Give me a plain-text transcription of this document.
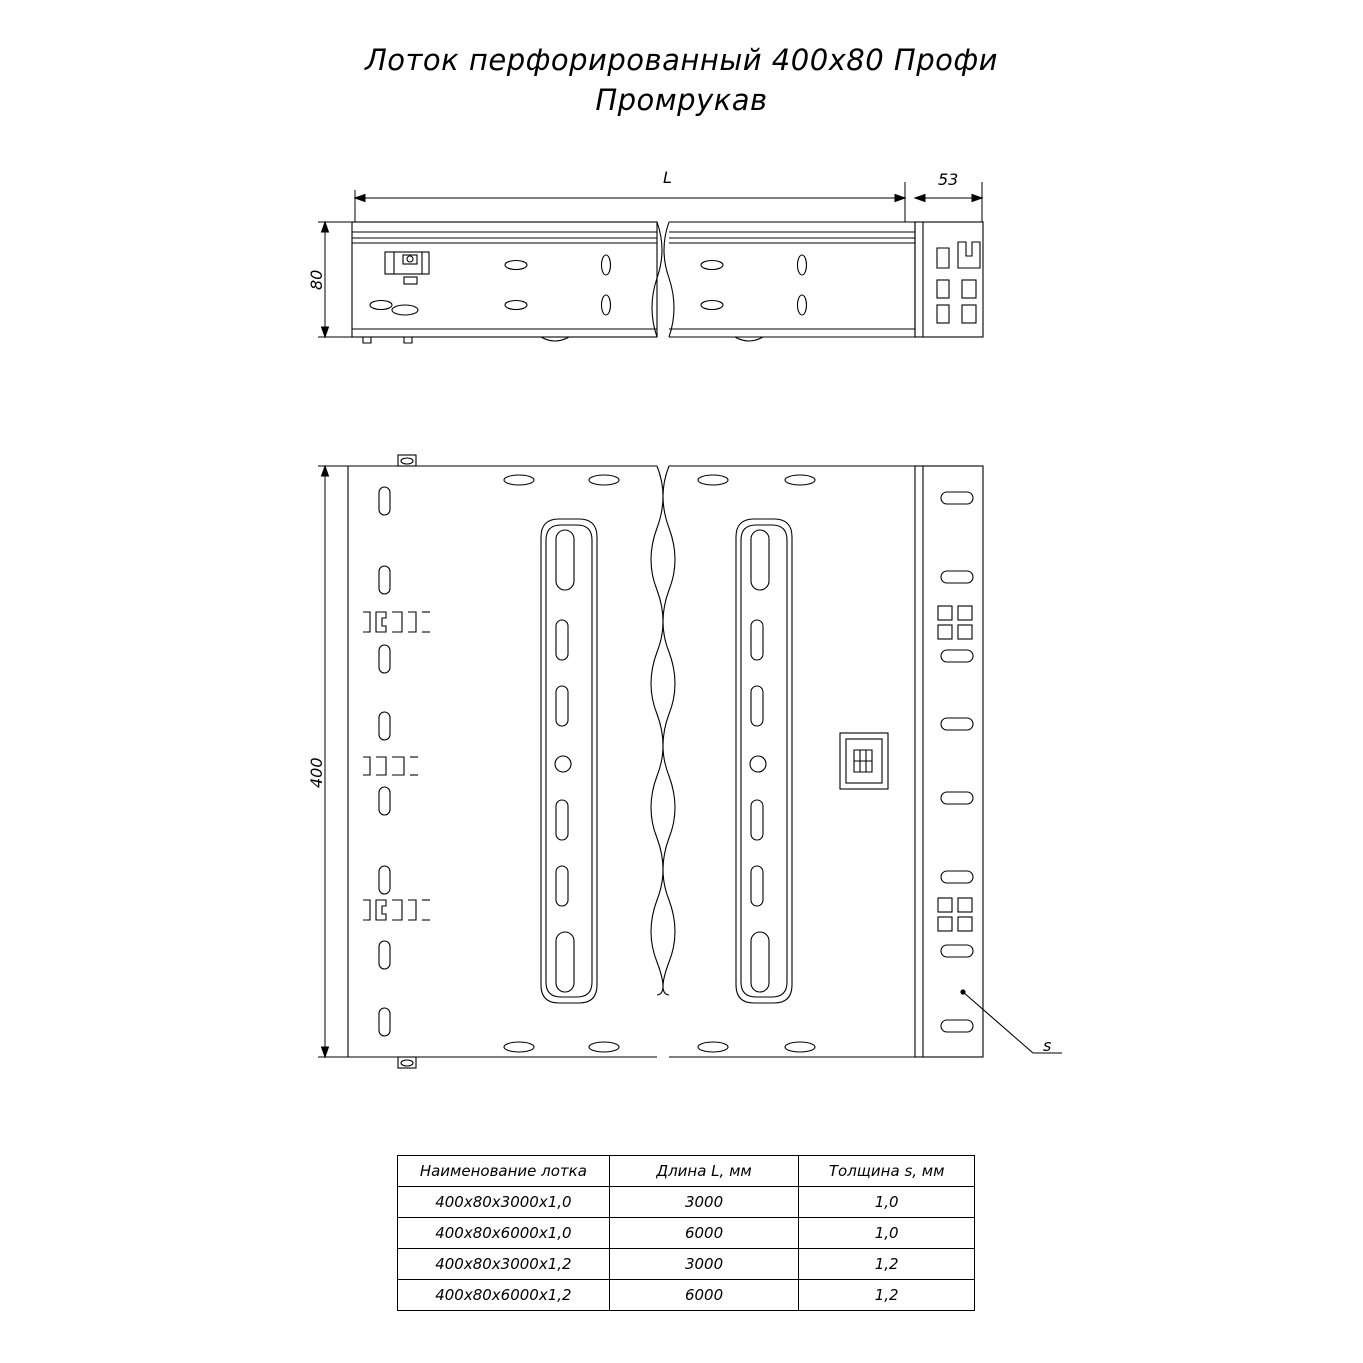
Лоток перфорированный 400х80 Профи
Промрукав
L	53
80
400
s
Наименование лотка	Длина L, мм	Толщина s, мм
400х80х3000х1,0	3000	1,0
400х80х6000х1,0	6000	1,0
400х80х3000х1,2	3000	1,2
400х80х6000х1,2	6000	1,2
